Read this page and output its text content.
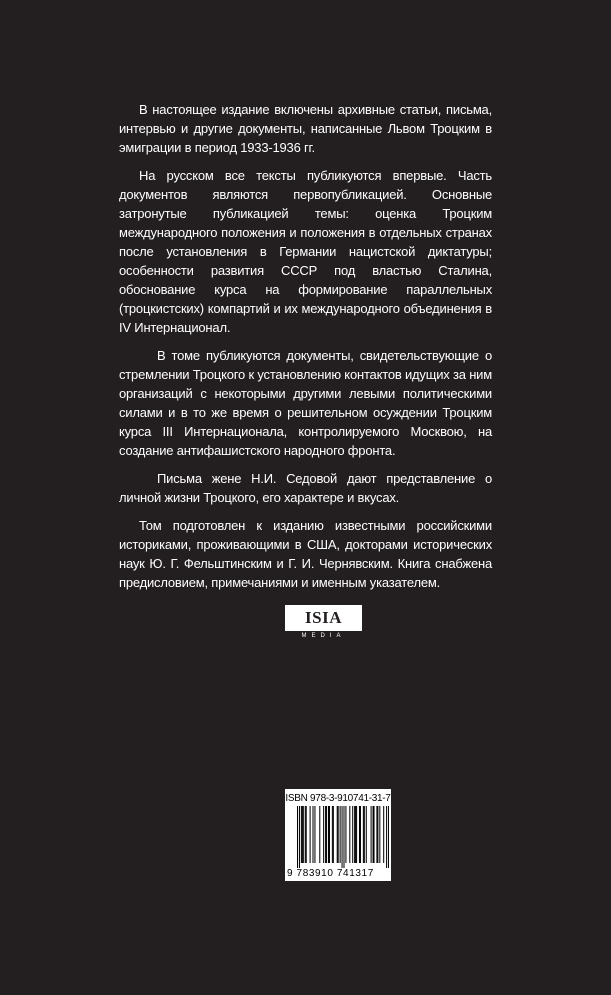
В настоящее издание включены архивные статьи, письма, интервью и другие документы, написанные Львом Троцким в эмиграции в период 1933-1936 гг.

На русском все тексты публикуются впервые. Часть документов являются первопубликацией. Основные затронутые публикацией темы: оценка Троцким международного положения и положения в отдельных странах после установления в Германии нацистской диктатуры; особенности развития СССР под властью Сталина, обоснование курса на формирование параллельных (троцкистских) компартий и их международного объединения в IV Интернационал.

В томе публикуются документы, свидетельствующие о стремлении Троцкого к установлению контактов идущих за ним организаций с некоторыми другими левыми политическими силами и в то же время о решительном осуждении Троцким курса III Интернационала, контролируемого Москвою, на создание антифашистского народного фронта.

Письма жене Н.И. Седовой дают представление о личной жизни Троцкого, его характере и вкусах.

Том подготовлен к изданию известными российскими историками, проживающими в США, докторами исторических наук Ю. Г. Фельштинским и Г. И. Чернявским. Книга снабжена предисловием, примечаниями и именным указателем.

ISIA
MEDIA
ISBN 978-3-910741-31-7
9 783910 741317
